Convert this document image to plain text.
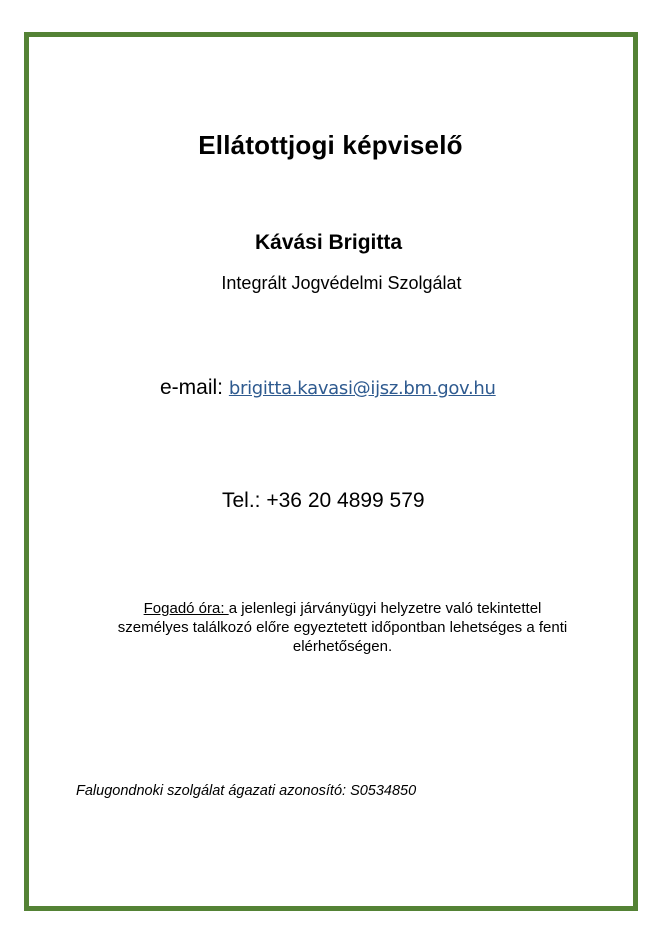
Ellátottjogi képviselő
Kávási Brigitta
Integrált Jogvédelmi Szolgálat
e-mail: brigitta.kavasi@ijsz.bm.gov.hu
Tel.: +36 20 4899 579
Fogadó óra: a jelenlegi járványügyi helyzetre való tekintettel személyes találkozó előre egyeztetett időpontban lehetséges a fenti elérhetőségen.
Falugondnoki szolgálat ágazati azonosító: S0534850
